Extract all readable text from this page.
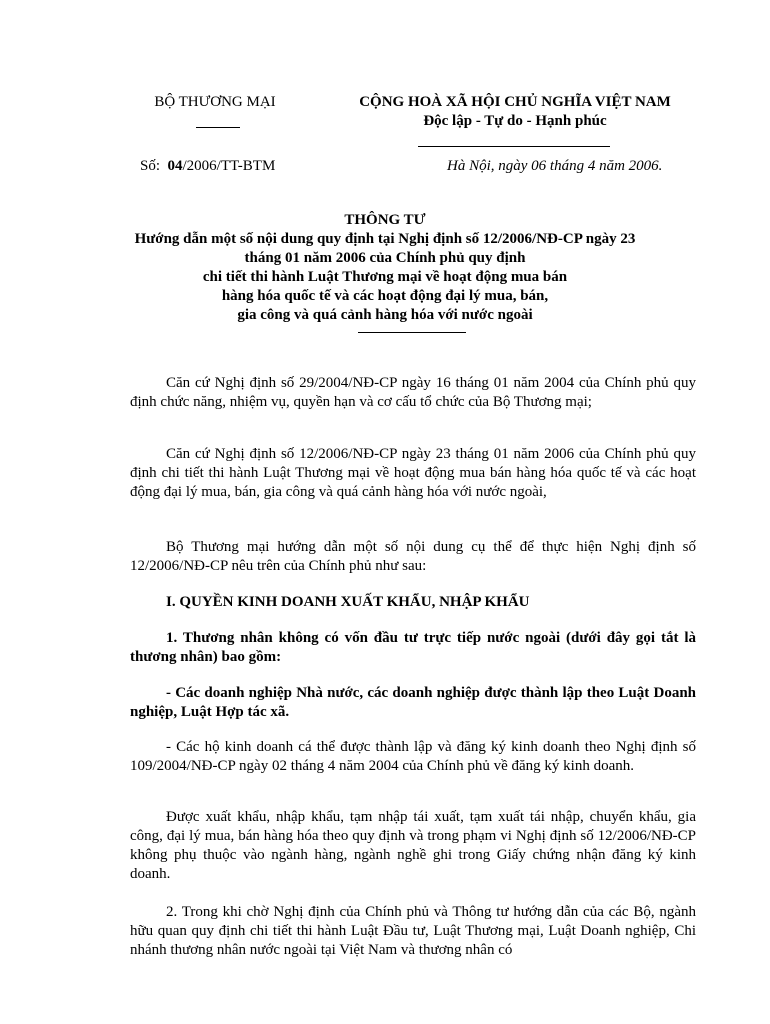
BỘ THƯƠNG MẠI	CỘNG HOÀ XÃ HỘI CHỦ NGHĨA VIỆT NAM
Độc lập - Tự do - Hạnh phúc
Số: 04/2006/TT-BTM	Hà Nội, ngày 06 tháng 4 năm 2006.
THÔNG TƯ
Hướng dẫn một số nội dung quy định tại Nghị định số 12/2006/NĐ-CP ngày 23
tháng 01 năm 2006 của Chính phủ quy định
chi tiết thi hành Luật Thương mại về hoạt động mua bán
hàng hóa quốc tế và các hoạt động đại lý mua, bán,
gia công và quá cảnh hàng hóa với nước ngoài

Căn cứ Nghị định số 29/2004/NĐ-CP ngày 16 tháng 01 năm 2004 của Chính phủ quy định chức năng, nhiệm vụ, quyền hạn và cơ cấu tổ chức của Bộ Thương mại;

Căn cứ Nghị định số 12/2006/NĐ-CP ngày 23 tháng 01 năm 2006 của Chính phủ quy định chi tiết thi hành Luật Thương mại về hoạt động mua bán hàng hóa quốc tế và các hoạt động đại lý mua, bán, gia công và quá cảnh hàng hóa với nước ngoài,

Bộ Thương mại hướng dẫn một số nội dung cụ thể để thực hiện Nghị định số 12/2006/NĐ-CP nêu trên của Chính phủ như sau:

I. QUYỀN KINH DOANH XUẤT KHẨU, NHẬP KHẨU

1. Thương nhân không có vốn đầu tư trực tiếp nước ngoài (dưới đây gọi tắt là thương nhân) bao gồm:

- Các doanh nghiệp Nhà nước, các doanh nghiệp được thành lập theo Luật Doanh nghiệp, Luật Hợp tác xã.

- Các hộ kinh doanh cá thể được thành lập và đăng ký kinh doanh theo Nghị định số 109/2004/NĐ-CP ngày 02 tháng 4 năm 2004 của Chính phủ về đăng ký kinh doanh.

Được xuất khẩu, nhập khẩu, tạm nhập tái xuất, tạm xuất tái nhập, chuyển khẩu, gia công, đại lý mua, bán hàng hóa theo quy định và trong phạm vi Nghị định số 12/2006/NĐ-CP không phụ thuộc vào ngành hàng, ngành nghề ghi trong Giấy chứng nhận đăng ký kinh doanh.

2. Trong khi chờ Nghị định của Chính phủ và Thông tư hướng dẫn của các Bộ, ngành hữu quan quy định chi tiết thi hành Luật Đầu tư, Luật Thương mại, Luật Doanh nghiệp, Chi nhánh thương nhân nước ngoài tại Việt Nam và thương nhân có
